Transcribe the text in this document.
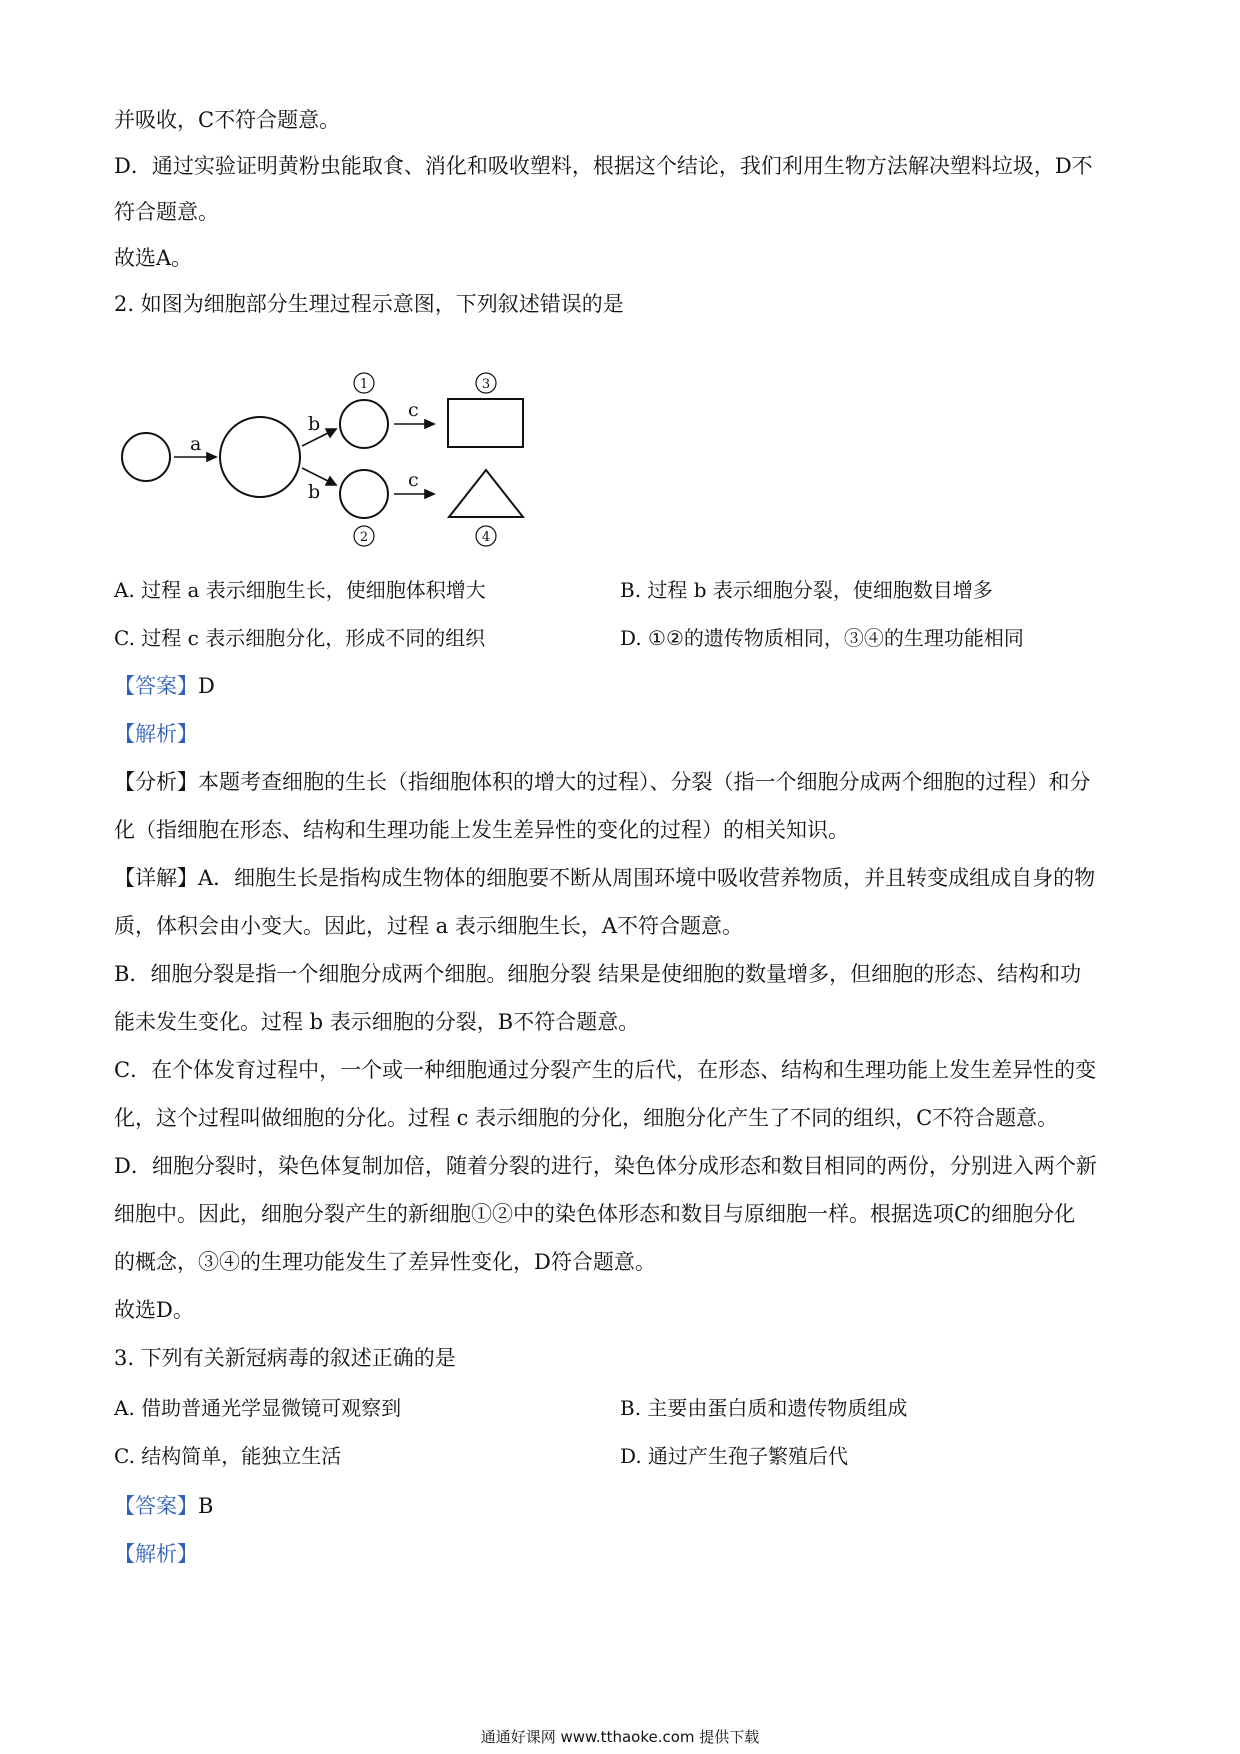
并吸收，C不符合题意。
D．通过实验证明黄粉虫能取食、消化和吸收塑料，根据这个结论，我们利用生物方法解决塑料垃圾，D不
符合题意。
故选A。
2. 如图为细胞部分生理过程示意图，下列叙述错误的是
a
b
b
c
c
1
2
3
4
A. 过程 a 表示细胞生长，使细胞体积增大	B. 过程 b 表示细胞分裂，使细胞数目增多
C. 过程 c 表示细胞分化，形成不同的组织	D. ①②的遗传物质相同，③④的生理功能相同
【答案】D
【解析】
【分析】本题考查细胞的生长（指细胞体积的增大的过程）、分裂（指一个细胞分成两个细胞的过程）和分
化（指细胞在形态、结构和生理功能上发生差异性的变化的过程）的相关知识。
【详解】A．细胞生长是指构成生物体的细胞要不断从周围环境中吸收营养物质，并且转变成组成自身的物
质，体积会由小变大。因此，过程 a 表示细胞生长，A不符合题意。
B．细胞分裂是指一个细胞分成两个细胞。细胞分裂 结果是使细胞的数量增多，但细胞的形态、结构和功
能未发生变化。过程 b 表示细胞的分裂，B不符合题意。
C．在个体发育过程中，一个或一种细胞通过分裂产生的后代，在形态、结构和生理功能上发生差异性的变
化，这个过程叫做细胞的分化。过程 c 表示细胞的分化，细胞分化产生了不同的组织，C不符合题意。
D．细胞分裂时，染色体复制加倍，随着分裂的进行，染色体分成形态和数目相同的两份，分别进入两个新
细胞中。因此，细胞分裂产生的新细胞①②中的染色体形态和数目与原细胞一样。根据选项C的细胞分化
的概念，③④的生理功能发生了差异性变化，D符合题意。
故选D。
3. 下列有关新冠病毒的叙述正确的是
A. 借助普通光学显微镜可观察到	B. 主要由蛋白质和遗传物质组成
C. 结构简单，能独立生活	D. 通过产生孢子繁殖后代
【答案】B
【解析】
通通好课网 www.tthaoke.com 提供下载
